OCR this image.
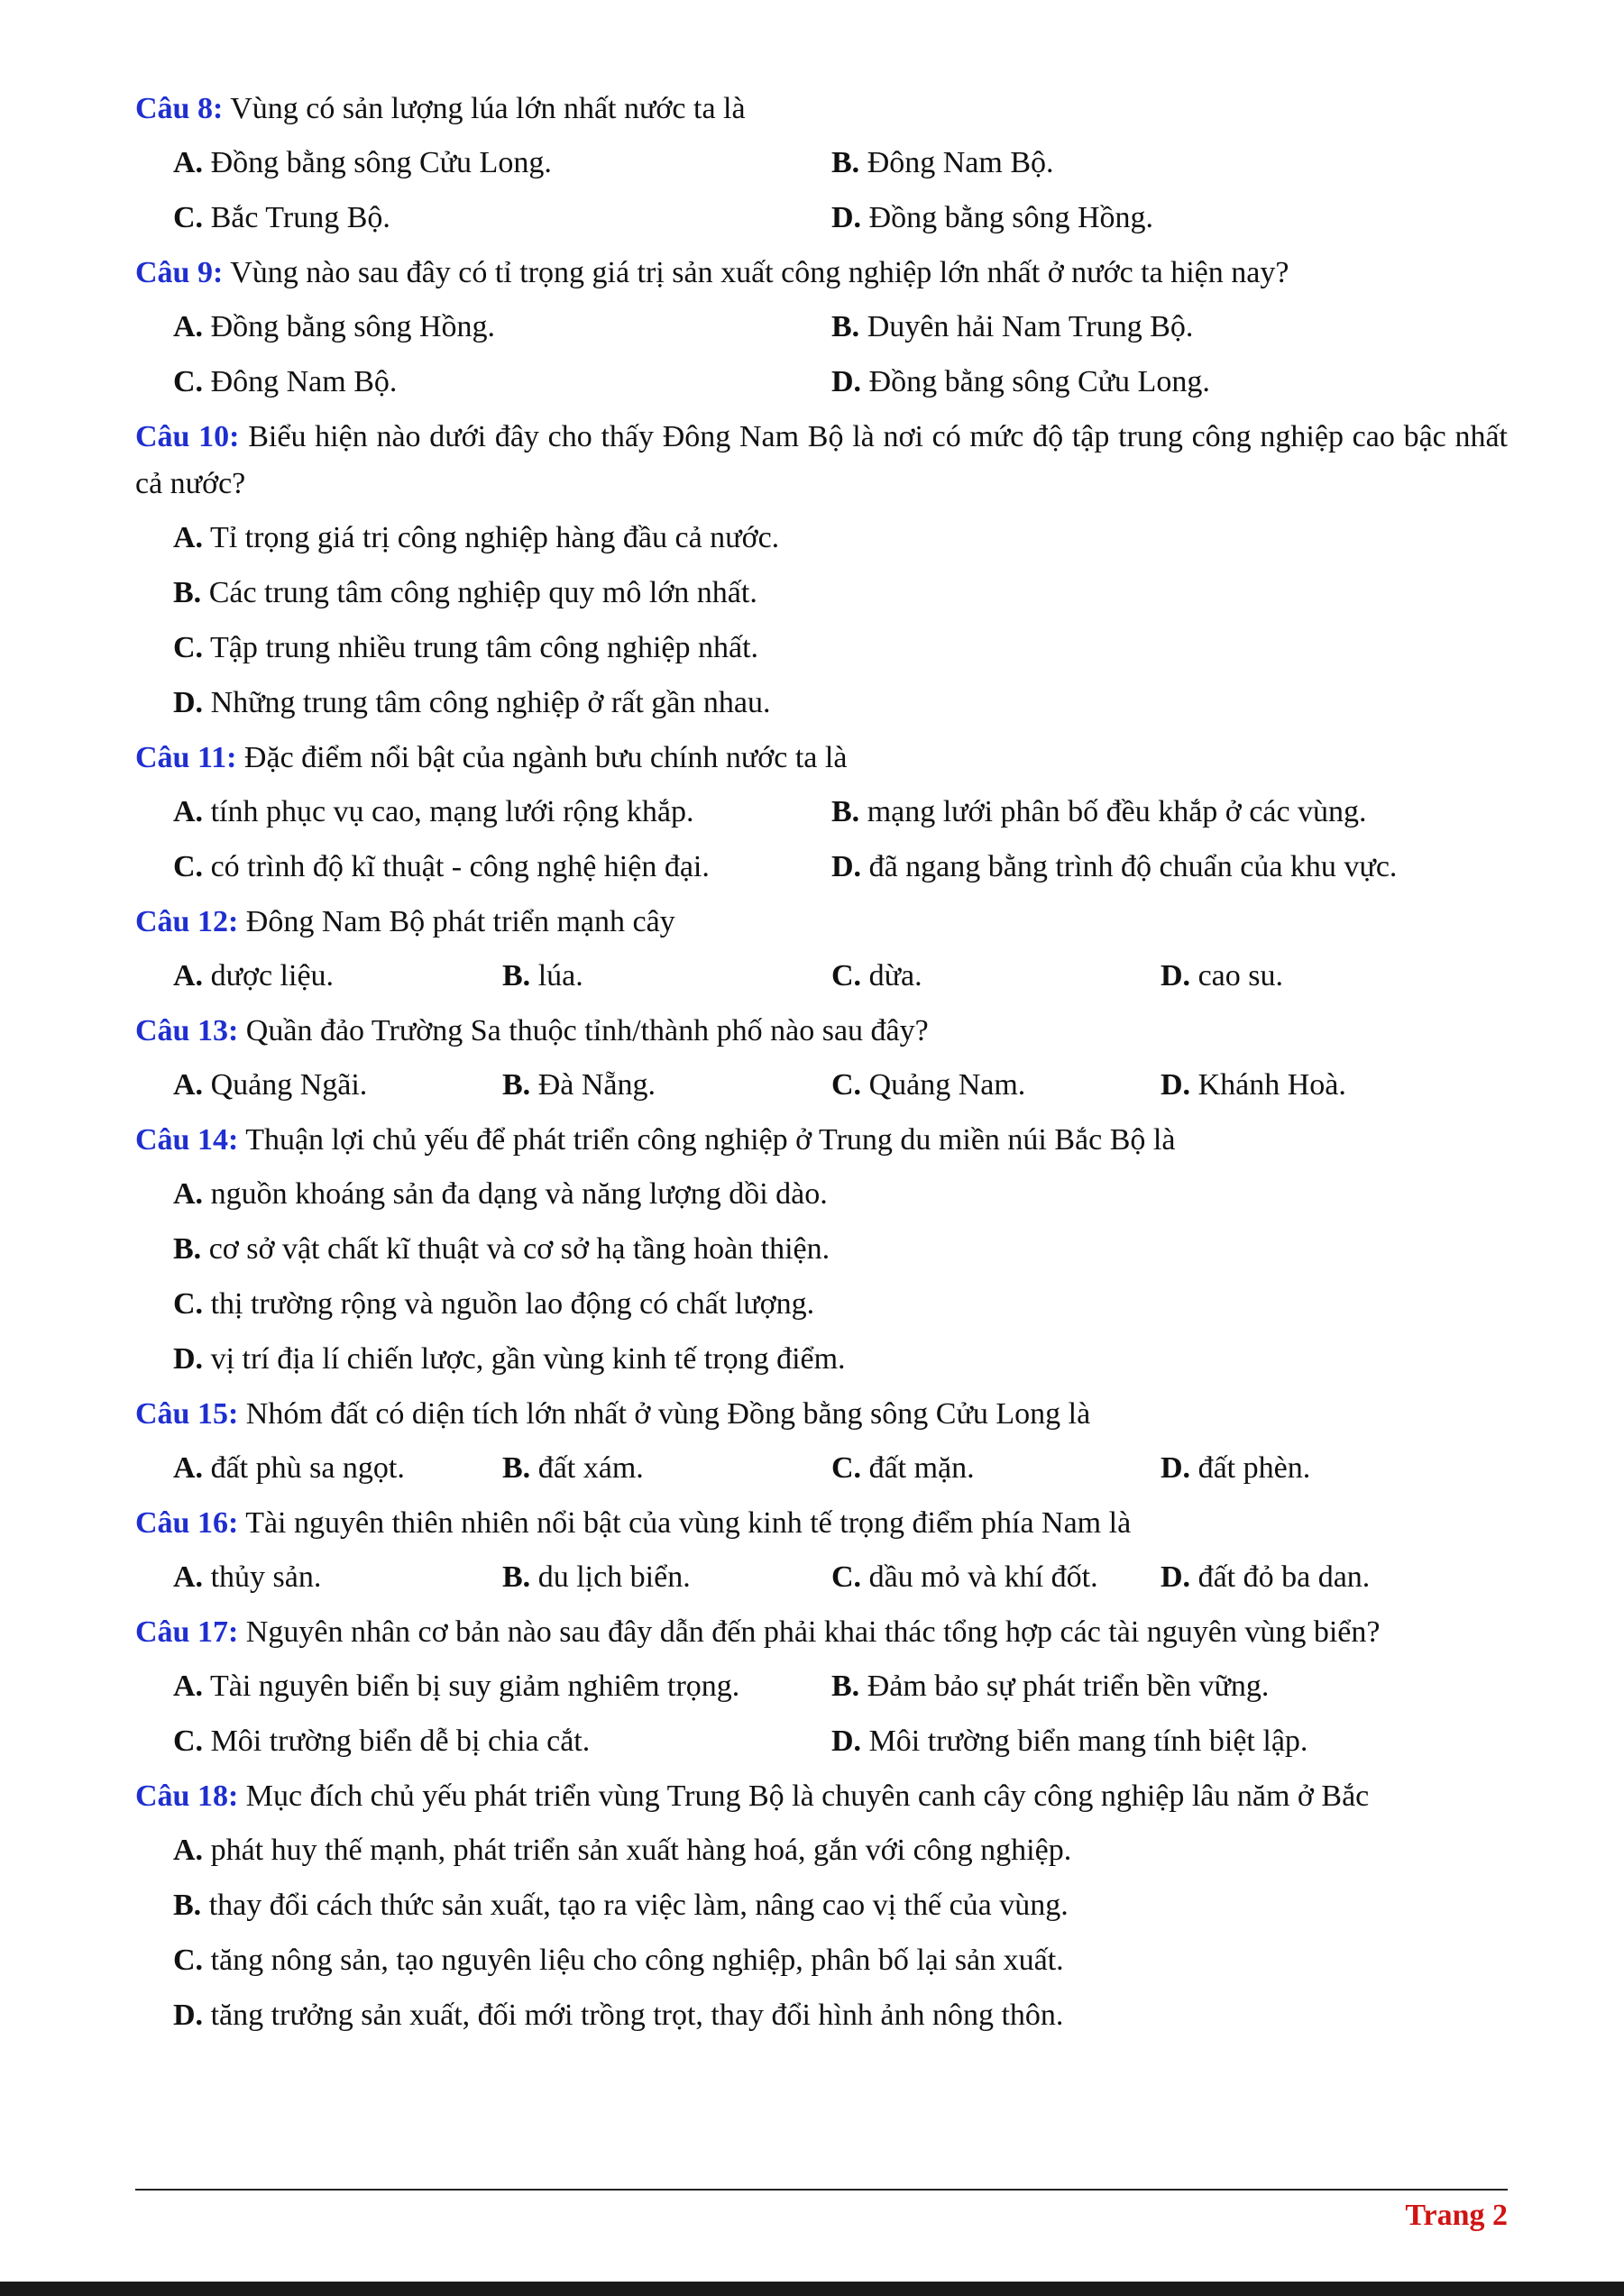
Câu 8: Vùng có sản lượng lúa lớn nhất nước ta là
A. Đồng bằng sông Cửu Long.	B. Đông Nam Bộ.
C. Bắc Trung Bộ.	D. Đồng bằng sông Hồng.
Câu 9: Vùng nào sau đây có tỉ trọng giá trị sản xuất công nghiệp lớn nhất ở nước ta hiện nay?
A. Đồng bằng sông Hồng.	B. Duyên hải Nam Trung Bộ.
C. Đông Nam Bộ.	D. Đồng bằng sông Cửu Long.
Câu 10: Biểu hiện nào dưới đây cho thấy Đông Nam Bộ là nơi có mức độ tập trung công nghiệp cao bậc nhất cả nước?
A. Tỉ trọng giá trị công nghiệp hàng đầu cả nước.
B. Các trung tâm công nghiệp quy mô lớn nhất.
C. Tập trung nhiều trung tâm công nghiệp nhất.
D. Những trung tâm công nghiệp ở rất gần nhau.
Câu 11: Đặc điểm nổi bật của ngành bưu chính nước ta là
A. tính phục vụ cao, mạng lưới rộng khắp.	B. mạng lưới phân bố đều khắp ở các vùng.
C. có trình độ kĩ thuật - công nghệ hiện đại.	D. đã ngang bằng trình độ chuẩn của khu vực.
Câu 12: Đông Nam Bộ phát triển mạnh cây
A. dược liệu.	B. lúa.	C. dừa.	D. cao su.
Câu 13: Quần đảo Trường Sa thuộc tỉnh/thành phố nào sau đây?
A. Quảng Ngãi.	B. Đà Nẵng.	C. Quảng Nam.	D. Khánh Hoà.
Câu 14: Thuận lợi chủ yếu để phát triển công nghiệp ở Trung du miền núi Bắc Bộ là
A. nguồn khoáng sản đa dạng và năng lượng dồi dào.
B. cơ sở vật chất kĩ thuật và cơ sở hạ tầng hoàn thiện.
C. thị trường rộng và nguồn lao động có chất lượng.
D. vị trí địa lí chiến lược, gần vùng kinh tế trọng điểm.
Câu 15: Nhóm đất có diện tích lớn nhất ở vùng Đồng bằng sông Cửu Long là
A. đất phù sa ngọt.	B. đất xám.	C. đất mặn.	D. đất phèn.
Câu 16: Tài nguyên thiên nhiên nổi bật của vùng kinh tế trọng điểm phía Nam là
A. thủy sản.	B. du lịch biển.	C. dầu mỏ và khí đốt.	D. đất đỏ ba dan.
Câu 17: Nguyên nhân cơ bản nào sau đây dẫn đến phải khai thác tổng hợp các tài nguyên vùng biển?
A. Tài nguyên biển bị suy giảm nghiêm trọng.	B. Đảm bảo sự phát triển bền vững.
C. Môi trường biển dễ bị chia cắt.	D. Môi trường biển mang tính biệt lập.
Câu 18: Mục đích chủ yếu phát triển vùng Trung Bộ là chuyên canh cây công nghiệp lâu năm ở Bắc
A. phát huy thế mạnh, phát triển sản xuất hàng hoá, gắn với công nghiệp.
B. thay đổi cách thức sản xuất, tạo ra việc làm, nâng cao vị thế của vùng.
C. tăng nông sản, tạo nguyên liệu cho công nghiệp, phân bố lại sản xuất.
D. tăng trưởng sản xuất, đối mới trồng trọt, thay đổi hình ảnh nông thôn.
Trang 2
